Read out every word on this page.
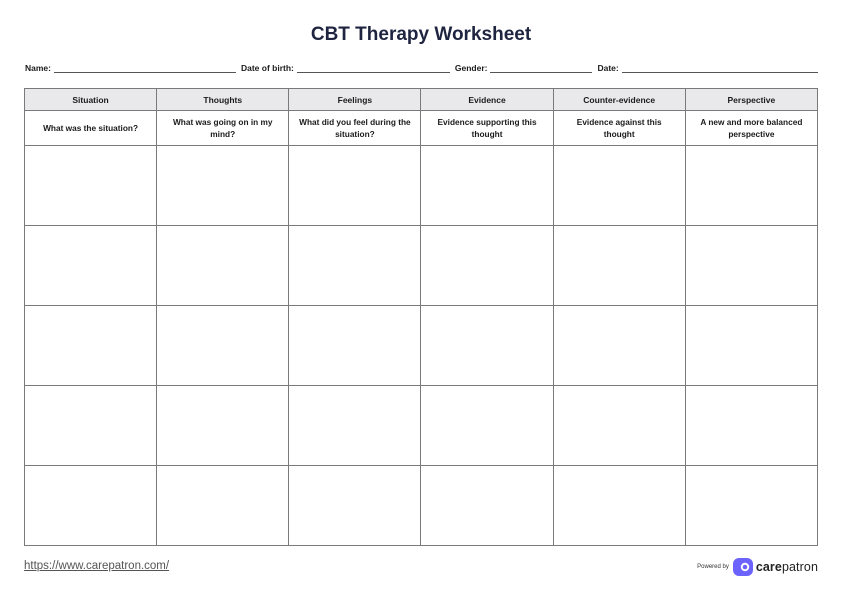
CBT Therapy Worksheet
Name:	Date of birth:	Gender:	Date:
Situation	Thoughts	Feelings	Evidence	Counter-evidence	Perspective
What was the situation?	What was going on in my mind?	What did you feel during the situation?	Evidence supporting this thought	Evidence against this thought	A new and more balanced perspective

https://www.carepatron.com/	Powered by carepatron
